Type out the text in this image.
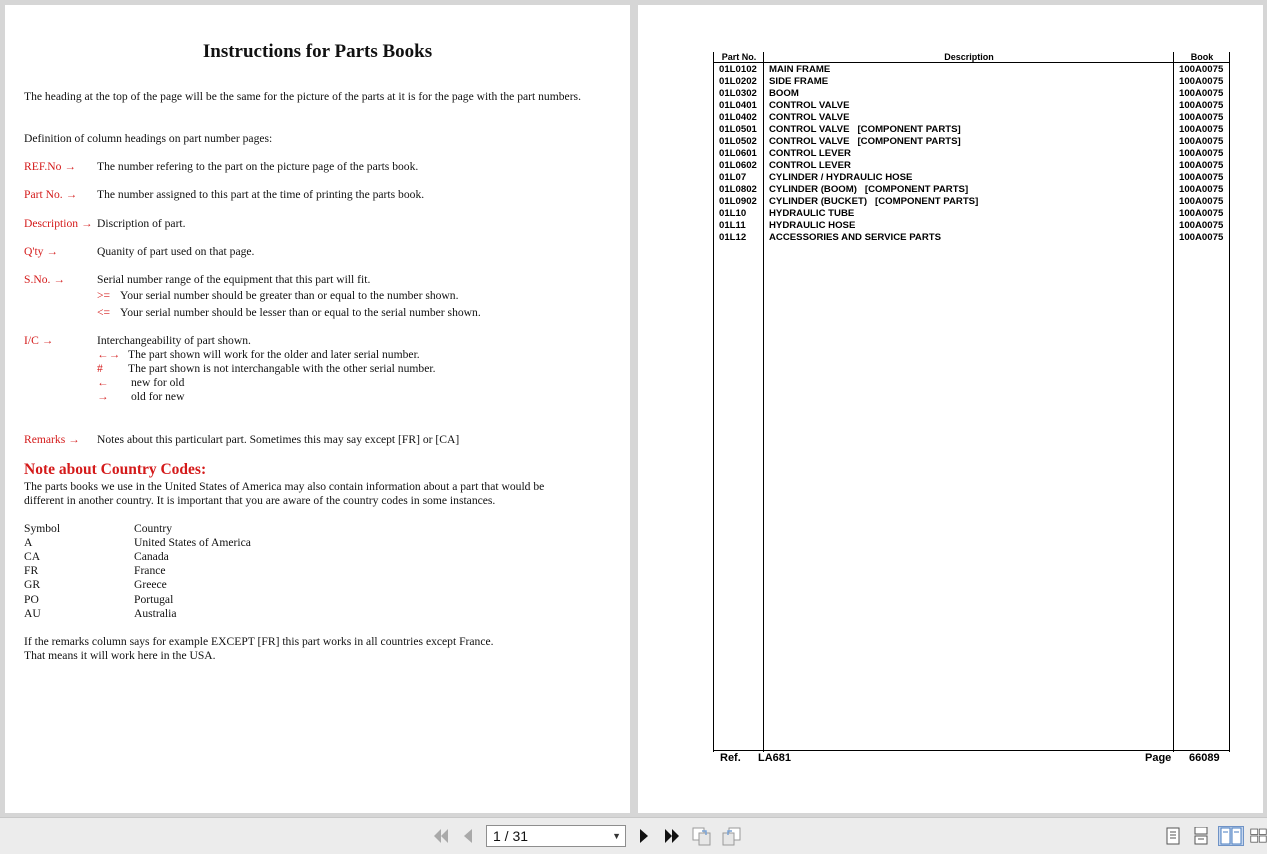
Instructions for Parts Books
The heading at the top of the page will be the same for the picture of the parts at it is for the page with the part numbers.
Definition of column headings on part number pages:
REF.No → The number refering to the part on the picture page of the parts book.
Part No. → The number assigned to this part at the time of printing the parts book.
Description → Discription of part.
Q'ty →	Quanity of part used on that page.
S.No. →	Serial number range of the equipment that this part will fit.
>= Your serial number should be greater than or equal to the number shown.
<= Your serial number should be lesser than or equal to the serial number shown.
I/C →	Interchangeability of part shown.
←→ The part shown will work for the older and later serial number.
# The part shown is not interchangable with the other serial number.
← new for old
→ old for new
Remarks → Notes about this particulart part. Sometimes this may say except [FR] or [CA]
Note about Country Codes:
The parts books we use in the United States of America may also contain information about a part that would be different in another country. It is important that you are aware of the country codes in some instances.
Symbol	Country
A	United States of America
CA	Canada
FR	France
GR	Greece
PO	Portugal
AU	Australia
If the remarks column says for example EXCEPT [FR] this part works in all countries except France.
That means it will work here in the USA.
Part No.	Description	Book
01L0102 MAIN FRAME	100A0075
01L0202 SIDE FRAME	100A0075
01L0302 BOOM	100A0075
01L0401 CONTROL VALVE	100A0075
01L0402 CONTROL VALVE	100A0075
01L0501 CONTROL VALVE   [COMPONENT PARTS]	100A0075
01L0502 CONTROL VALVE   [COMPONENT PARTS]	100A0075
01L0601 CONTROL LEVER	100A0075
01L0602 CONTROL LEVER	100A0075
01L07 CYLINDER / HYDRAULIC HOSE	100A0075
01L0802 CYLINDER (BOOM)   [COMPONENT PARTS]	100A0075
01L0902 CYLINDER (BUCKET)   [COMPONENT PARTS]	100A0075
01L10 HYDRAULIC TUBE	100A0075
01L11 HYDRAULIC HOSE	100A0075
01L12 ACCESSORIES AND SERVICE PARTS	100A0075
Ref. LA681	Page 66089
1 / 31	▼
